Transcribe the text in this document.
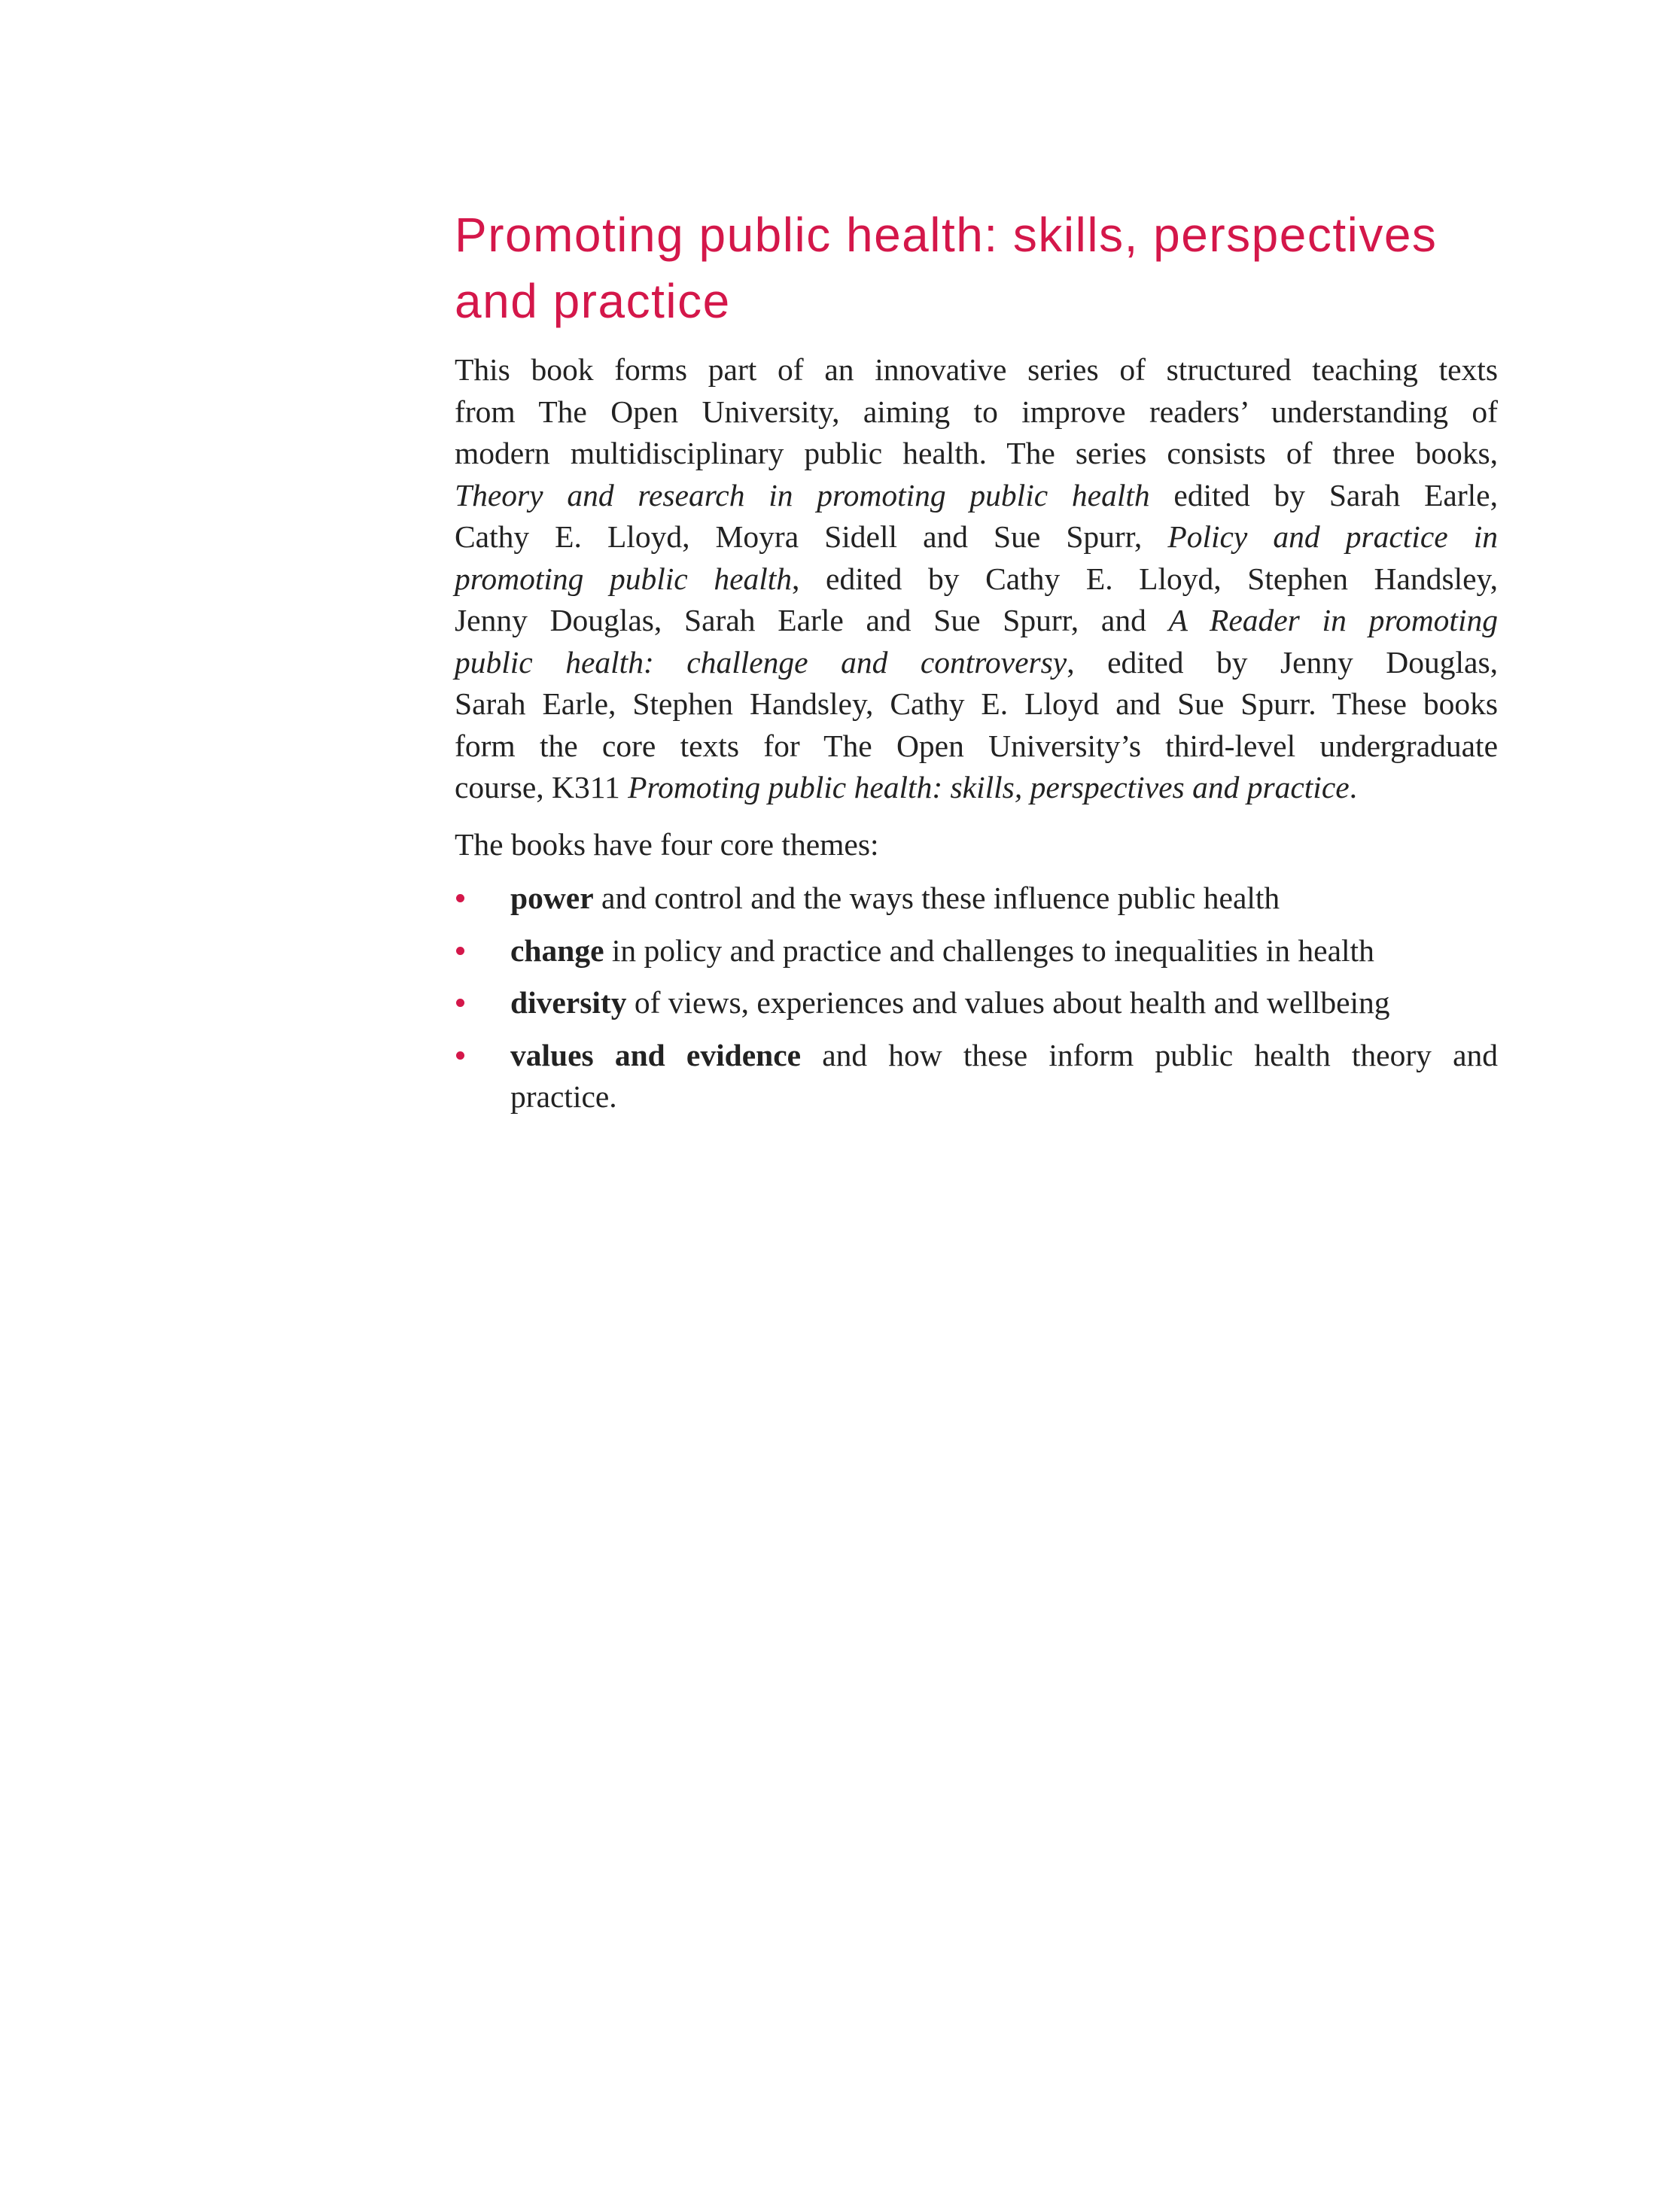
Promoting public health: skills, perspectives
and practice

This book forms part of an innovative series of structured teaching texts
from The Open University, aiming to improve readers’ understanding of
modern multidisciplinary public health. The series consists of three books,
Theory and research in promoting public health edited by Sarah Earle,
Cathy E. Lloyd, Moyra Sidell and Sue Spurr, Policy and practice in
promoting public health, edited by Cathy E. Lloyd, Stephen Handsley,
Jenny Douglas, Sarah Earle and Sue Spurr, and A Reader in promoting
public health: challenge and controversy, edited by Jenny Douglas,
Sarah Earle, Stephen Handsley, Cathy E. Lloyd and Sue Spurr. These books
form the core texts for The Open University’s third-level undergraduate
course, K311 Promoting public health: skills, perspectives and practice.

The books have four core themes:

power and control and the ways these influence public health
change in policy and practice and challenges to inequalities in health
diversity of views, experiences and values about health and wellbeing
values and evidence and how these inform public health theory and
practice.
